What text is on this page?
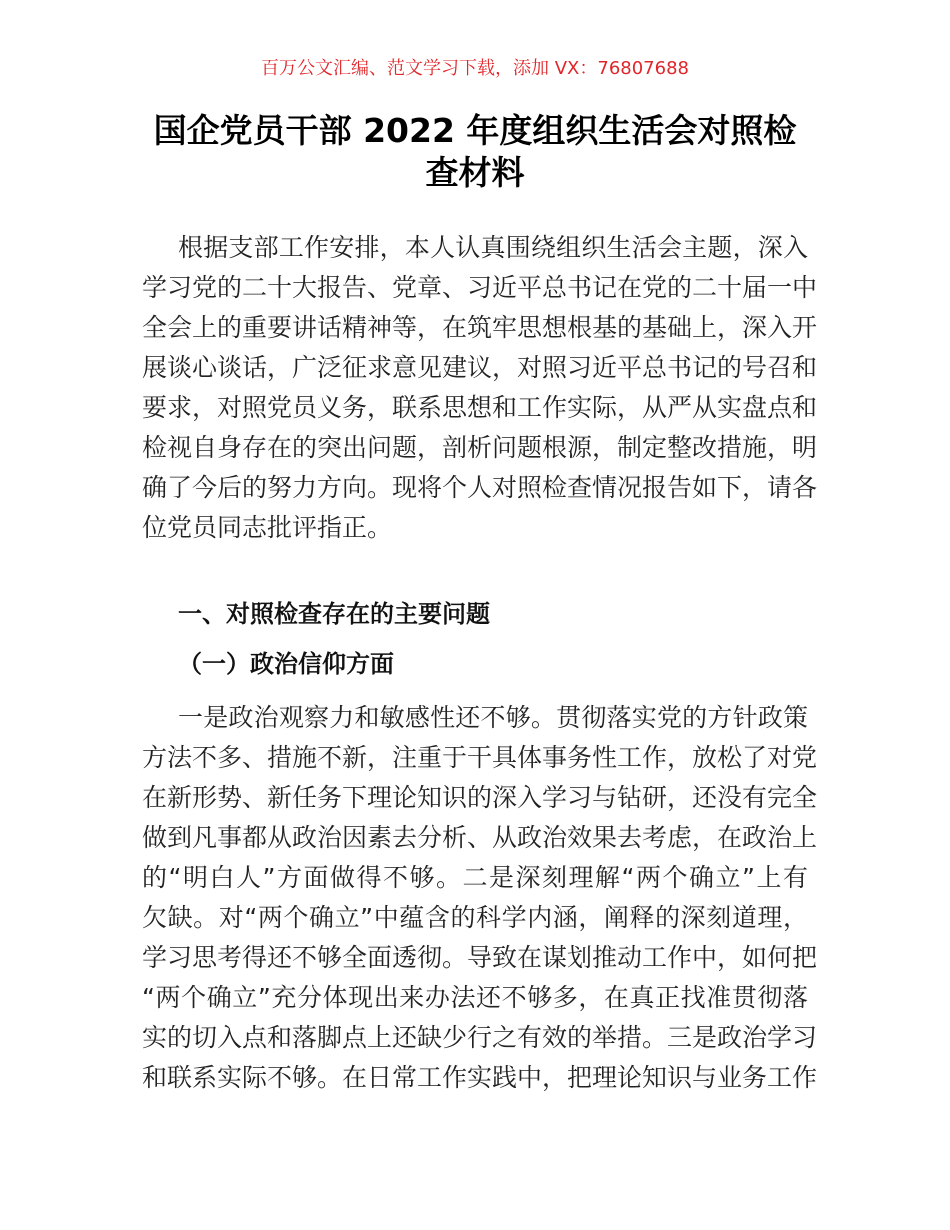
百万公文汇编、范文学习下载，添加 VX：76807688
国企党员干部 2022 年度组织生活会对照检
查材料
根据支部工作安排，本人认真围绕组织生活会主题，深入
学习党的二十大报告、党章、习近平总书记在党的二十届一中
全会上的重要讲话精神等，在筑牢思想根基的基础上，深入开
展谈心谈话，广泛征求意见建议，对照习近平总书记的号召和
要求，对照党员义务，联系思想和工作实际，从严从实盘点和
检视自身存在的突出问题，剖析问题根源，制定整改措施，明
确了今后的努力方向。现将个人对照检查情况报告如下，请各
位党员同志批评指正。
一、对照检查存在的主要问题
（一）政治信仰方面
一是政治观察力和敏感性还不够。贯彻落实党的方针政策
方法不多、措施不新，注重于干具体事务性工作，放松了对党
在新形势、新任务下理论知识的深入学习与钻研，还没有完全
做到凡事都从政治因素去分析、从政治效果去考虑，在政治上
的“明白人”方面做得不够。二是深刻理解“两个确立”上有
欠缺。对“两个确立”中蕴含的科学内涵，阐释的深刻道理，
学习思考得还不够全面透彻。导致在谋划推动工作中，如何把
“两个确立”充分体现出来办法还不够多，在真正找准贯彻落
实的切入点和落脚点上还缺少行之有效的举措。三是政治学习
和联系实际不够。在日常工作实践中，把理论知识与业务工作
